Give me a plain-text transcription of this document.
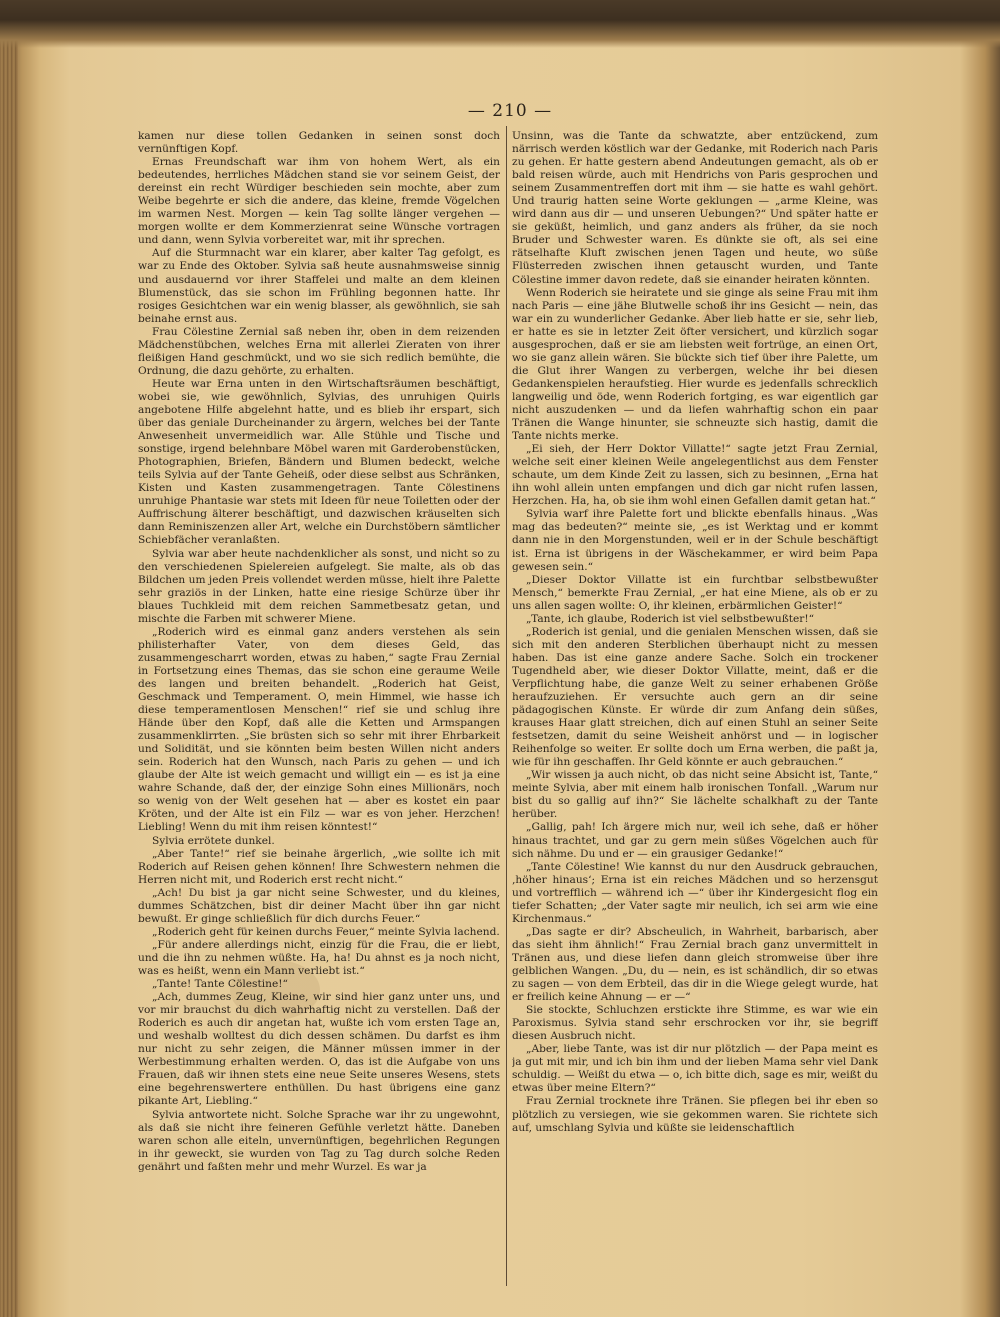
— 210 —

kamen nur diese tollen Gedanken in seinen sonst doch vernünftigen Kopf.

Ernas Freundschaft war ihm von hohem Wert, als ein bedeutendes, herrliches Mädchen stand sie vor seinem Geist, der dereinst ein recht Würdiger beschieden sein mochte, aber zum Weibe begehrte er sich die andere, das kleine, fremde Vögelchen im warmen Nest. Morgen — kein Tag sollte länger vergehen — morgen wollte er dem Kommerzienrat seine Wünsche vortragen und dann, wenn Sylvia vorbereitet war, mit ihr sprechen.

Auf die Sturmnacht war ein klarer, aber kalter Tag gefolgt, es war zu Ende des Oktober. Sylvia saß heute ausnahmsweise sinnig und ausdauernd vor ihrer Staffelei und malte an dem kleinen Blumenstück, das sie schon im Frühling begonnen hatte. Ihr rosiges Gesichtchen war ein wenig blasser, als gewöhnlich, sie sah beinahe ernst aus.

Frau Cölestine Zernial saß neben ihr, oben in dem reizenden Mädchenstübchen, welches Erna mit allerlei Zieraten von ihrer fleißigen Hand geschmückt, und wo sie sich redlich bemühte, die Ordnung, die dazu gehörte, zu erhalten.

Heute war Erna unten in den Wirtschaftsräumen beschäftigt, wobei sie, wie gewöhnlich, Sylvias, des unruhigen Quirls angebotene Hilfe abgelehnt hatte, und es blieb ihr erspart, sich über das geniale Durcheinander zu ärgern, welches bei der Tante Anwesenheit unvermeidlich war. Alle Stühle und Tische und sonstige, irgend belehnbare Möbel waren mit Garderobenstücken, Photographien, Briefen, Bändern und Blumen bedeckt, welche teils Sylvia auf der Tante Geheiß, oder diese selbst aus Schränken, Kisten und Kasten zusammengetragen. Tante Cölestinens unruhige Phantasie war stets mit Ideen für neue Toiletten oder der Auffrischung älterer beschäftigt, und dazwischen kräuselten sich dann Reminiszenzen aller Art, welche ein Durchstöbern sämtlicher Schiebfächer veranlaßten.

Sylvia war aber heute nachdenklicher als sonst, und nicht so zu den verschiedenen Spielereien aufgelegt. Sie malte, als ob das Bildchen um jeden Preis vollendet werden müsse, hielt ihre Palette sehr graziös in der Linken, hatte eine riesige Schürze über ihr blaues Tuchkleid mit dem reichen Sammetbesatz getan, und mischte die Farben mit schwerer Miene.

„Roderich wird es einmal ganz anders verstehen als sein philisterhafter Vater, von dem dieses Geld, das zusammengescharrt worden, etwas zu haben,“ sagte Frau Zernial in Fortsetzung eines Themas, das sie schon eine geraume Weile des langen und breiten behandelt. „Roderich hat Geist, Geschmack und Temperament. O, mein Himmel, wie hasse ich diese temperamentlosen Menschen!“ rief sie und schlug ihre Hände über den Kopf, daß alle die Ketten und Armspangen zusammenklirrten. „Sie brüsten sich so sehr mit ihrer Ehrbarkeit und Solidität, und sie könnten beim besten Willen nicht anders sein. Roderich hat den Wunsch, nach Paris zu gehen — und ich glaube der Alte ist weich gemacht und willigt ein — es ist ja eine wahre Schande, daß der, der einzige Sohn eines Millionärs, noch so wenig von der Welt gesehen hat — aber es kostet ein paar Kröten, und der Alte ist ein Filz — war es von jeher. Herzchen! Liebling! Wenn du mit ihm reisen könntest!“

Sylvia errötete dunkel.

„Aber Tante!“ rief sie beinahe ärgerlich, „wie sollte ich mit Roderich auf Reisen gehen können! Ihre Schwestern nehmen die Herren nicht mit, und Roderich erst recht nicht.“

„Ach! Du bist ja gar nicht seine Schwester, und du kleines, dummes Schätzchen, bist dir deiner Macht über ihn gar nicht bewußt. Er ginge schließlich für dich durchs Feuer.“

„Roderich geht für keinen durchs Feuer,“ meinte Sylvia lachend.

„Für andere allerdings nicht, einzig für die Frau, die er liebt, und die ihn zu nehmen wüßte. Ha, ha! Du ahnst es ja noch nicht, was es heißt, wenn ein Mann verliebt ist.“

„Tante! Tante Cölestine!“

„Ach, dummes Zeug, Kleine, wir sind hier ganz unter uns, und vor mir brauchst du dich wahrhaftig nicht zu verstellen. Daß der Roderich es auch dir angetan hat, wußte ich vom ersten Tage an, und weshalb wolltest du dich dessen schämen. Du darfst es ihm nur nicht zu sehr zeigen, die Männer müssen immer in der Werbestimmung erhalten werden. O, das ist die Aufgabe von uns Frauen, daß wir ihnen stets eine neue Seite unseres Wesens, stets eine begehrenswertere enthüllen. Du hast übrigens eine ganz pikante Art, Liebling.“

Sylvia antwortete nicht. Solche Sprache war ihr zu ungewohnt, als daß sie nicht ihre feineren Gefühle verletzt hätte. Daneben waren schon alle eiteln, unvernünftigen, begehrlichen Regungen in ihr geweckt, sie wurden von Tag zu Tag durch solche Reden genährt und faßten mehr und mehr Wurzel. Es war ja

Unsinn, was die Tante da schwatzte, aber entzückend, zum närrisch werden köstlich war der Gedanke, mit Roderich nach Paris zu gehen. Er hatte gestern abend Andeutungen gemacht, als ob er bald reisen würde, auch mit Hendrichs von Paris gesprochen und seinem Zusammentreffen dort mit ihm — sie hatte es wahl gehört. Und traurig hatten seine Worte geklungen — „arme Kleine, was wird dann aus dir — und unseren Uebungen?“ Und später hatte er sie geküßt, heimlich, und ganz anders als früher, da sie noch Bruder und Schwester waren. Es dünkte sie oft, als sei eine rätselhafte Kluft zwischen jenen Tagen und heute, wo süße Flüsterreden zwischen ihnen getauscht wurden, und Tante Cölestine immer davon redete, daß sie einander heiraten könnten.

Wenn Roderich sie heiratete und sie ginge als seine Frau mit ihm nach Paris — eine jähe Blutwelle schoß ihr ins Gesicht — nein, das war ein zu wunderlicher Gedanke. Aber lieb hatte er sie, sehr lieb, er hatte es sie in letzter Zeit öfter versichert, und kürzlich sogar ausgesprochen, daß er sie am liebsten weit fortrüge, an einen Ort, wo sie ganz allein wären. Sie bückte sich tief über ihre Palette, um die Glut ihrer Wangen zu verbergen, welche ihr bei diesen Gedankenspielen heraufstieg. Hier wurde es jedenfalls schrecklich langweilig und öde, wenn Roderich fortging, es war eigentlich gar nicht auszudenken — und da liefen wahrhaftig schon ein paar Tränen die Wange hinunter, sie schneuzte sich hastig, damit die Tante nichts merke.

„Ei sieh, der Herr Doktor Villatte!“ sagte jetzt Frau Zernial, welche seit einer kleinen Weile angelegentlichst aus dem Fenster schaute, um dem Kinde Zeit zu lassen, sich zu besinnen, „Erna hat ihn wohl allein unten empfangen und dich gar nicht rufen lassen, Herzchen. Ha, ha, ob sie ihm wohl einen Gefallen damit getan hat.“

Sylvia warf ihre Palette fort und blickte ebenfalls hinaus. „Was mag das bedeuten?“ meinte sie, „es ist Werktag und er kommt dann nie in den Morgenstunden, weil er in der Schule beschäftigt ist. Erna ist übrigens in der Wäschekammer, er wird beim Papa gewesen sein.“

„Dieser Doktor Villatte ist ein furchtbar selbstbewußter Mensch,“ bemerkte Frau Zernial, „er hat eine Miene, als ob er zu uns allen sagen wollte: O, ihr kleinen, erbärmlichen Geister!“

„Tante, ich glaube, Roderich ist viel selbstbewußter!“

„Roderich ist genial, und die genialen Menschen wissen, daß sie sich mit den anderen Sterblichen überhaupt nicht zu messen haben. Das ist eine ganze andere Sache. Solch ein trockener Tugendheld aber, wie dieser Doktor Villatte, meint, daß er die Verpflichtung habe, die ganze Welt zu seiner erhabenen Größe heraufzuziehen. Er versuchte auch gern an dir seine pädagogischen Künste. Er würde dir zum Anfang dein süßes, krauses Haar glatt streichen, dich auf einen Stuhl an seiner Seite festsetzen, damit du seine Weisheit anhörst und — in logischer Reihenfolge so weiter. Er sollte doch um Erna werben, die paßt ja, wie für ihn geschaffen. Ihr Geld könnte er auch gebrauchen.“

„Wir wissen ja auch nicht, ob das nicht seine Absicht ist, Tante,“ meinte Sylvia, aber mit einem halb ironischen Tonfall. „Warum nur bist du so gallig auf ihn?“ Sie lächelte schalkhaft zu der Tante herüber.

„Gallig, pah! Ich ärgere mich nur, weil ich sehe, daß er höher hinaus trachtet, und gar zu gern mein süßes Vögelchen auch für sich nähme. Du und er — ein grausiger Gedanke!“

„Tante Cölestine! Wie kannst du nur den Ausdruck gebrauchen, ‚höher hinaus‘; Erna ist ein reiches Mädchen und so herzensgut und vortrefflich — während ich —“ über ihr Kindergesicht flog ein tiefer Schatten; „der Vater sagte mir neulich, ich sei arm wie eine Kirchenmaus.“

„Das sagte er dir? Abscheulich, in Wahrheit, barbarisch, aber das sieht ihm ähnlich!“ Frau Zernial brach ganz unvermittelt in Tränen aus, und diese liefen dann gleich stromweise über ihre gelblichen Wangen. „Du, du — nein, es ist schändlich, dir so etwas zu sagen — von dem Erbteil, das dir in die Wiege gelegt wurde, hat er freilich keine Ahnung — er —“

Sie stockte, Schluchzen erstickte ihre Stimme, es war wie ein Paroxismus. Sylvia stand sehr erschrocken vor ihr, sie begriff diesen Ausbruch nicht.

„Aber, liebe Tante, was ist dir nur plötzlich — der Papa meint es ja gut mit mir, und ich bin ihm und der lieben Mama sehr viel Dank schuldig. — Weißt du etwa — o, ich bitte dich, sage es mir, weißt du etwas über meine Eltern?“

Frau Zernial trocknete ihre Tränen. Sie pflegen bei ihr eben so plötzlich zu versiegen, wie sie gekommen waren. Sie richtete sich auf, umschlang Sylvia und küßte sie leidenschaftlich
